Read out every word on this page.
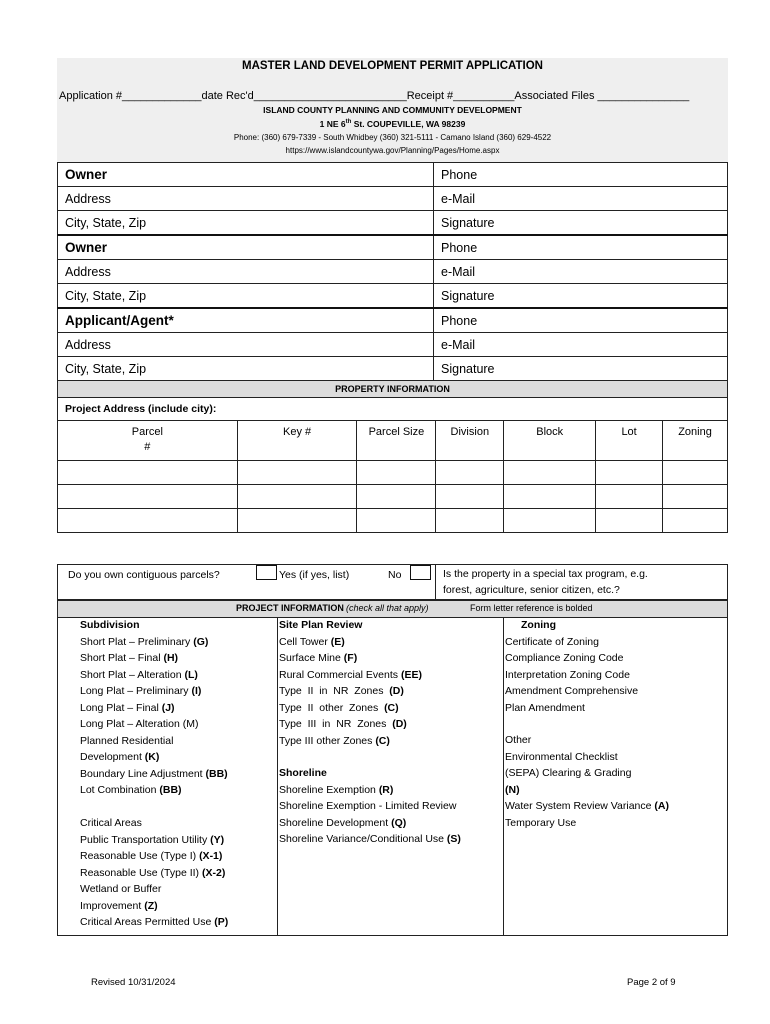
MASTER LAND DEVELOPMENT PERMIT APPLICATION
Application #_____________date Rec'd_________________________Receipt #__________Associated Files _______________
ISLAND COUNTY PLANNING AND COMMUNITY DEVELOPMENT
1 NE 6th St. COUPEVILLE, WA 98239
Phone: (360) 679-7339 - South Whidbey (360) 321-5111 - Camano Island (360) 629-4522
https://www.islandcountywa.gov/Planning/Pages/Home.aspx
Owner	Phone
Address	e-Mail
City, State, Zip	Signature
Owner	Phone
Address	e-Mail
City, State, Zip	Signature
Applicant/Agent*	Phone
Address	e-Mail
City, State, Zip	Signature
PROPERTY INFORMATION						
Project Address (include city):						

Parcel
#	Key #	Parcel Size	Division	Block	Lot	Zoning

Do you own contiguous parcels?	Yes (if yes, list)	No	Is the property in a special tax program, e.g.
forest, agriculture, senior citizen, etc.?
PROJECT INFORMATION (check all that apply)	Form letter reference is bolded
Subdivision
Short Plat – Preliminary (G)
Short Plat – Final (H)
Short Plat – Alteration (L)
Long Plat – Preliminary (I)
Long Plat – Final (J)
Long Plat – Alteration (M)
Planned Residential
Development (K)
Boundary Line Adjustment (BB)
Lot Combination (BB)
Critical Areas
Public Transportation Utility (Y)
Reasonable Use (Type I) (X-1)
Reasonable Use (Type II) (X-2)
Wetland or Buffer
Improvement (Z)
Critical Areas Permitted Use (P)
Site Plan Review
Cell Tower (E)
Surface Mine (F)
Rural Commercial Events (EE)
Type  II  in  NR  Zones  (D)
Type  II  other  Zones  (C)
Type  III  in  NR  Zones  (D)
Type III other Zones (C)
Shoreline
Shoreline Exemption (R)
Shoreline Exemption - Limited Review
Shoreline Development (Q)
Shoreline Variance/Conditional Use (S)
Zoning
Certificate of Zoning
Compliance Zoning Code
Interpretation Zoning Code
Amendment Comprehensive
Plan Amendment
Other
Environmental Checklist
(SEPA) Clearing & Grading
(N)
Water System Review Variance (A)
Temporary Use
Revised 10/31/2024	Page 2 of 9
